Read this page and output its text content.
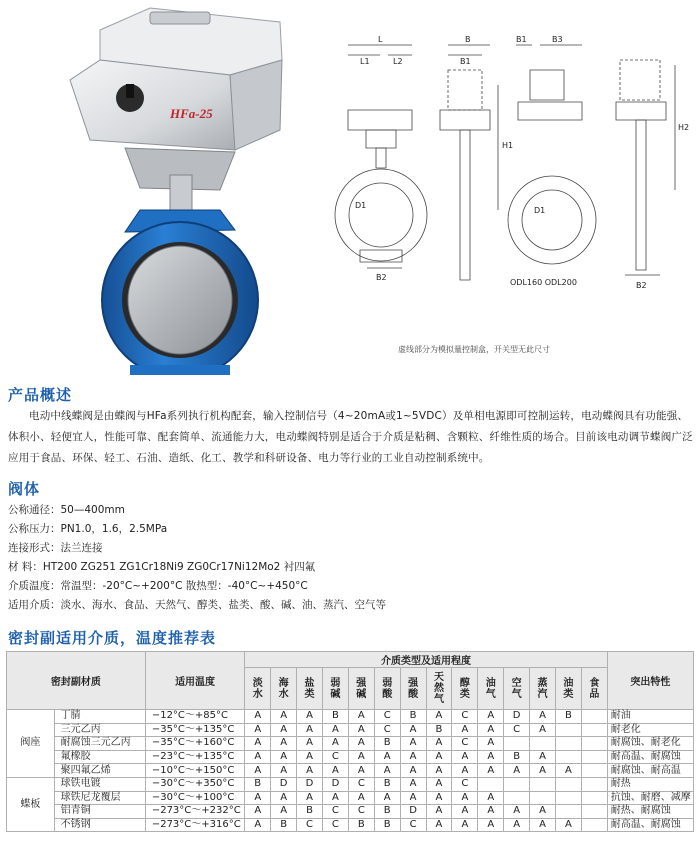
HFa-25
L
L1	L2
B
B1
H1
D1
B2
B1	B3
H2
D1
B2
ODL160 ODL200
虚线部分为模拟量控制盒，开关型无此尺寸
产品概述
电动中线蝶阀是由蝶阀与HFa系列执行机构配套，输入控制信号（4~20mA或1~5VDC）及单相电源即可控制运转，电动蝶阀具有功能强、体积小、轻便宜人，性能可靠、配套简单、流通能力大，电动蝶阀特别是适合于介质是粘稠、含颗粒、纤维性质的场合。目前该电动调节蝶阀广泛应用于食品、环保、轻工、石油、造纸、化工、教学和科研设备、电力等行业的工业自动控制系统中。
阀体
公称通径：50—400mm
公称压力：PN1.0，1.6，2.5MPa
连接形式：法兰连接
材 料：HT200 ZG251 ZG1Cr18Ni9 ZG0Cr17Ni12Mo2 衬四氟
介质温度：常温型：-20°C~+200°C 散热型：-40°C~+450°C
适用介质：淡水、海水、食品、天然气、醇类、盐类、酸、碱、油、蒸汽、空气等
密封副适用介质，温度推荐表
密封副材质		适用温度	介质类型及适用程度														突出特性
			淡水	海水	盐类	弱碱	强碱	弱酸	强酸	天然气	醇类	油气	空气	蒸汽	油类	食品	
阀座	丁腈	−12°C～+85°C	A	A	A	B	A	C	B	A	C	A	D	A	B		耐油
	三元乙丙	−35°C～+135°C	A	A	A	A	A	C	A	B	A	A	C	A			耐老化
	耐腐蚀三元乙丙	−35°C～+160°C	A	A	A	A	A	B	A	A	C	A					耐腐蚀、耐老化
	氟橡胶	−23°C～+135°C	A	A	A	C	A	A	A	A	A	A	B	A			耐高温、耐腐蚀
	聚四氟乙烯	−10°C～+150°C	A	A	A	A	A	A	A	A	A	A	A	A	A		耐腐蚀、耐高温
蝶板	球铁电镀	−30°C～+350°C	B	D	D	D	C	B	A	A	C						耐热
	球铁尼龙覆层	−30°C～+100°C	A	A	A	A	A	A	A	A	A	A					抗蚀、耐磨、减摩
	铝青铜	−273°C～+232°C	A	A	B	C	C	B	D	A	A	A	A	A			耐热、耐腐蚀
	不锈钢	−273°C～+316°C	A	B	C	C	B	B	C	A	A	A	A	A	A		耐高温、耐腐蚀
